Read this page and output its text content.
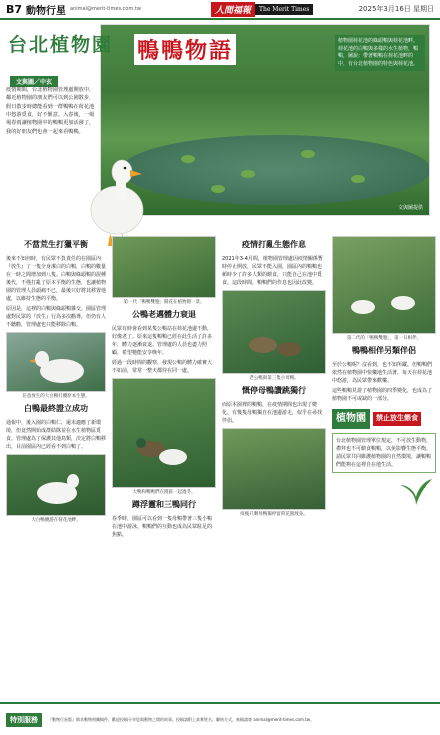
B7 動物行星 animal@merit-times.com.tw	人間福報	The Merit Times	2025年3月16日 星期日
植物園荷花池的綠頭鴨與荷花池畔。荷花池的白鴨與多樣的水生植物，鴨鴨，圖說：帶著鴨鴨在荷花池畔的中，有台北植物園的特色與荷花池。
文與圖提供
台北植物園 鴨鴨物語
文與圖／中玄
疫情期間，台北植物園管理處開放中，鄰近植物園的朋友們可以到公園散步，假日散步時總能看到一群鴨鴨在荷花池中悠游覓食，好不愜意。入春後，一場場春雨讓植物園中的鴨鴨更加活潑了，我的好朋友們也會一起來看鴨鴨。
不當荒生打獵平衡
後來不知何時，有民眾不負責任的在園區內『放生』了一隻全身潔白的白鴨，白鴨的數量在一時之間增加到八隻。白鴨與綠頭鴨的混種後代，不僅打亂了原本平衡的生態，也讓植物園的管理人員頭痛不已，最後只好將其移置他處，以維持生態的平衡。
原因是，這裡的白鴨與綠頭鴨雜交，園區管理處對民眾的『放生』行為多次勸導，但仍有人不聽勸，管理處也只能移除白鴨。
任意放生的大白鴨打擾原本生態。
白鴨最終證立成功
通報中，後入園的白鴨仁，還未適應了新環境，但竟然開始成群結隊並在水生植物區覓食。管理處為了保護其他鳥類，決定將白鴨移出，目前園區內已經看不到白鴨了。
大白鴨優游在荷花池畔。
第一代「鴨鴨雙胞」開花在植物園一景。
公鴨老邁體力衰退
民眾有時會看到某隻公鴨站在荷花池邊不動，好像老了。原來這隻鴨鴨已經在此生活了許多年，體力逐漸衰退。管理處的人員也盡力照顧，希望牠能安享晚年。
經過一段時間的觀察，發現公鴨的體力確實大不如前，常常一整天都待在同一處。
大鴨和鴨鴨們在園區一起過冬。
蹲浮靈和三鴨同行
春季時，園區可以看到一隻母鴨帶著三隻小鴨在池中游泳，鴨鴨們的互動也成為民眾駐足的焦點。
疫情打亂生態作息
2021年3-4月間，植物園管理處因疫情關係暫時停止開放，民眾不能入園，園區內的鴨鴨也頓時少了許多人類的餵食，只能自己在池中覓食。這段時間，鴨鴨們的作息也因此改變。
老公鴨與第三隻小母鴨。
慨停母鴨讚跳獨行
而原本園裡的鴨鴨，在疫情期間也出現了變化，有幾隻母鴨獨自在池邊游走，似乎在尋找伴侶。
疫後只剩母鴨獨停留荷花園渡身。
第二代的「鴨鴨雙胞」，第一日相伴。
鴨鴨相伴另類伴侶
至於公鴨呢？沒看到，也不知所蹤。但鴨鴨們依然在植物園中快樂地生活著，每天在荷花池中悠游，為民眾帶來歡樂。
這些鴨鴨見證了植物園的四季變化，也成為了植物園不可或缺的一部分。
植物園	禁止放生餵食
台北植物園管理單位規定，不可放生動物，禮拜也不可餵食鴨鴨，以免影響生態平衡。請民眾共同維護植物園的自然環境，讓鴨鴨們能夠在這裡自在地生活。
特別服務	『動物行星版』徵求動物相關稿件，歡迎投稿分享您與動物之間的故事。投稿請附上真實姓名、聯絡方式，來稿請寄 animal@merit-times.com.tw。
